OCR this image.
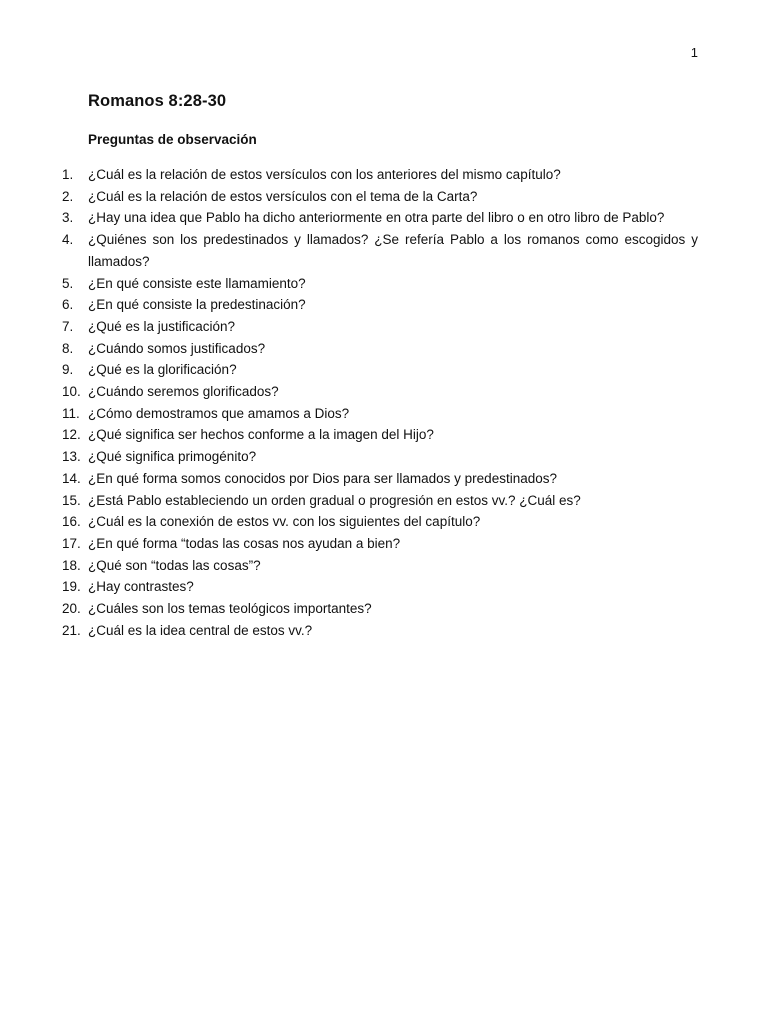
1
Romanos 8:28-30
Preguntas de observación
1.	¿Cuál es la relación de estos versículos con los anteriores del mismo capítulo?
2.	¿Cuál es la relación de estos versículos con el tema de la Carta?
3.	¿Hay una idea que Pablo ha dicho anteriormente en otra parte del libro o en otro libro de Pablo?
4.	¿Quiénes son los predestinados y llamados? ¿Se refería Pablo a los romanos como escogidos y llamados?
5.	¿En qué consiste este llamamiento?
6.	¿En qué consiste la predestinación?
7.	¿Qué es la justificación?
8.	¿Cuándo somos justificados?
9.	¿Qué es la glorificación?
10. ¿Cuándo seremos glorificados?
11. ¿Cómo demostramos que amamos a Dios?
12. ¿Qué significa ser hechos conforme a la imagen del Hijo?
13. ¿Qué significa primogénito?
14. ¿En qué forma somos conocidos por Dios para ser llamados y predestinados?
15. ¿Está Pablo estableciendo un orden gradual o progresión en estos vv.? ¿Cuál es?
16. ¿Cuál es la conexión de estos vv. con los siguientes del capítulo?
17. ¿En qué forma “todas las cosas nos ayudan a bien?
18. ¿Qué son “todas las cosas”?
19. ¿Hay contrastes?
20. ¿Cuáles son los temas teológicos importantes?
21. ¿Cuál es la idea central de estos vv.?
